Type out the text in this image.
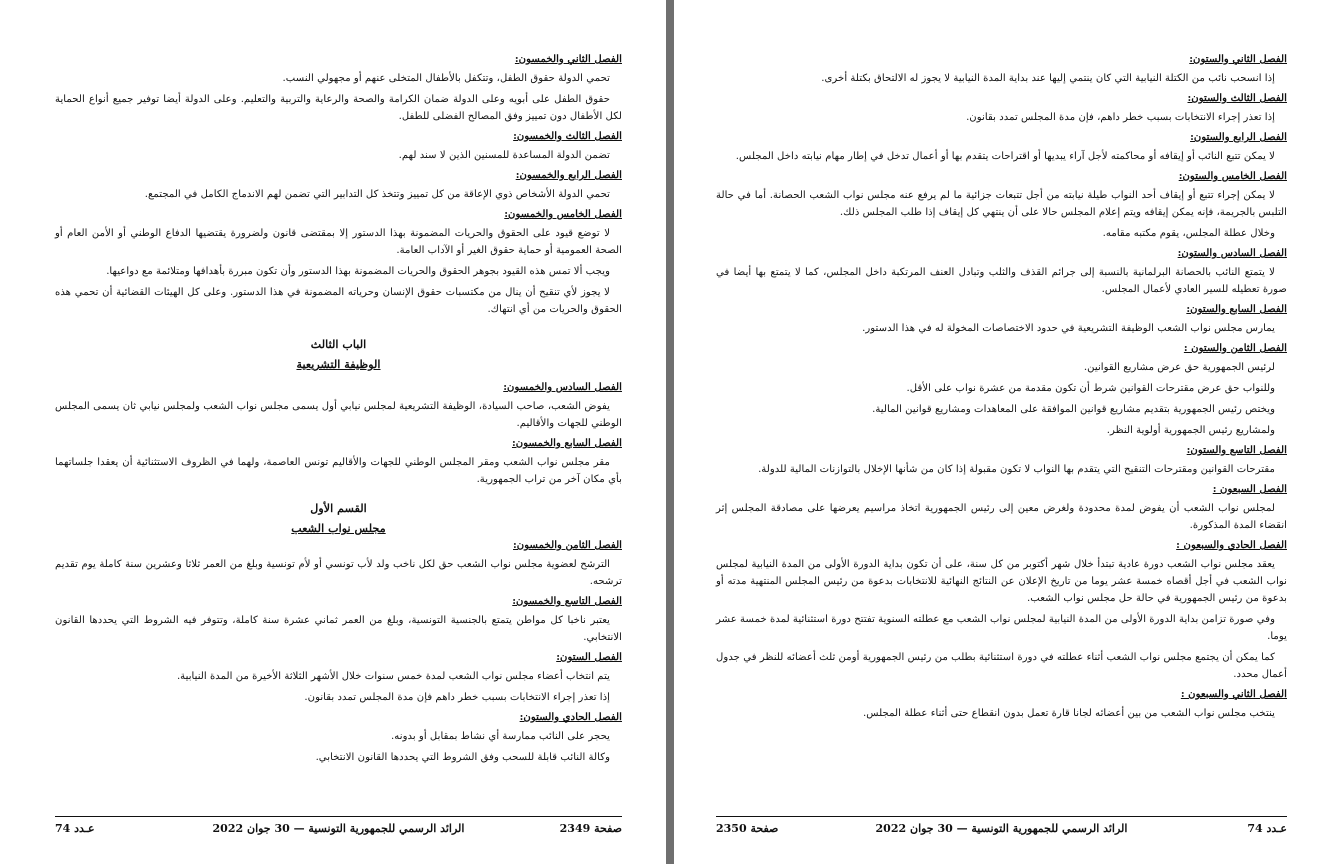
الفصل الثاني والخمسون:

تحمي الدولة حقوق الطفل، وتتكفل بالأطفال المتخلى عنهم أو مجهولي النسب.

حقوق الطفل على أبويه وعلى الدولة ضمان الكرامة والصحة والرعاية والتربية والتعليم. وعلى الدولة أيضا توفير جميع أنواع الحماية لكل الأطفال دون تمييز وفق المصالح الفضلى للطفل.

الفصل الثالث والخمسون:

تضمن الدولة المساعدة للمسنين الذين لا سند لهم.

الفصل الرابع والخمسون:

تحمي الدولة الأشخاص ذوي الإعاقة من كل تمييز وتتخذ كل التدابير التي تضمن لهم الاندماج الكامل في المجتمع.

الفصل الخامس والخمسون:

لا توضع قيود على الحقوق والحريات المضمونة بهذا الدستور إلا بمقتضى قانون ولضرورة يقتضيها الدفاع الوطني أو الأمن العام أو الصحة العمومية أو حماية حقوق الغير أو الآداب العامة.

ويجب ألا تمس هذه القيود بجوهر الحقوق والحريات المضمونة بهذا الدستور وأن تكون مبررة بأهدافها ومتلائمة مع دواعيها.

لا يجوز لأي تنقيح أن ينال من مكتسبات حقوق الإنسان وحرياته المضمونة في هذا الدستور. وعلى كل الهيئات القضائية أن تحمي هذه الحقوق والحريات من أي انتهاك.

الباب الثالث

الوظيفة التشريعية

الفصل السادس والخمسون:

يفوض الشعب، صاحب السيادة، الوظيفة التشريعية لمجلس نيابي أول يسمى مجلس نواب الشعب ولمجلس نيابي ثان يسمى المجلس الوطني للجهات والأقاليم.

الفصل السابع والخمسون:

مقر مجلس نواب الشعب ومقر المجلس الوطني للجهات والأقاليم تونس العاصمة، ولهما في الظروف الاستثنائية أن يعقدا جلساتهما بأي مكان آخر من تراب الجمهورية.

القسم الأول

مجلس نواب الشعب

الفصل الثامن والخمسون:

الترشح لعضوية مجلس نواب الشعب حق لكل ناخب ولد لأب تونسي أو لأم تونسية وبلغ من العمر ثلاثا وعشرين سنة كاملة يوم تقديم ترشحه.

الفصل التاسع والخمسون:

يعتبر ناخبا كل مواطن يتمتع بالجنسية التونسية، وبلغ من العمر ثماني عشرة سنة كاملة، وتتوفر فيه الشروط التي يحددها القانون الانتخابي.

الفصل الستون:

يتم انتخاب أعضاء مجلس نواب الشعب لمدة خمس سنوات خلال الأشهر الثلاثة الأخيرة من المدة النيابية.

إذا تعذر إجراء الانتخابات بسبب خطر داهم فإن مدة المجلس تمدد بقانون.

الفصل الحادي والستون:

يحجر على النائب ممارسة أي نشاط بمقابل أو بدونه.

وكالة النائب قابلة للسحب وفق الشروط التي يحددها القانون الانتخابي.

عـدد 74	الرائد الرسمي للجمهورية التونسية — 30 جوان 2022	صفحة 2349

الفصل الثاني والستون:

إذا انسحب نائب من الكتلة النيابية التي كان ينتمي إليها عند بداية المدة النيابية لا يجوز له الالتحاق بكتلة أخرى.

الفصل الثالث والستون:

إذا تعذر إجراء الانتخابات بسبب خطر داهم، فإن مدة المجلس تمدد بقانون.

الفصل الرابع والستون:

لا يمكن تتبع النائب أو إيقافه أو محاكمته لأجل آراء يبديها أو اقتراحات يتقدم بها أو أعمال تدخل في إطار مهام نيابته داخل المجلس.

الفصل الخامس والستون:

لا يمكن إجراء تتبع أو إيقاف أحد النواب طيلة نيابته من أجل تتبعات جزائية ما لم يرفع عنه مجلس نواب الشعب الحصانة. أما في حالة التلبس بالجريمة، فإنه يمكن إيقافه ويتم إعلام المجلس حالا على أن ينتهي كل إيقاف إذا طلب المجلس ذلك.

وخلال عطلة المجلس، يقوم مكتبه مقامه.

الفصل السادس والستون:

لا يتمتع النائب بالحصانة البرلمانية بالنسبة إلى جرائم القذف والثلب وتبادل العنف المرتكبة داخل المجلس، كما لا يتمتع بها أيضا في صورة تعطيله للسير العادي لأعمال المجلس.

الفصل السابع والستون:

يمارس مجلس نواب الشعب الوظيفة التشريعية في حدود الاختصاصات المخولة له في هذا الدستور.

الفصل الثامن والستون :

لرئيس الجمهورية حق عرض مشاريع القوانين.

وللنواب حق عرض مقترحات القوانين شرط أن تكون مقدمة من عشرة نواب على الأقل.

ويختص رئيس الجمهورية بتقديم مشاريع قوانين الموافقة على المعاهدات ومشاريع قوانين المالية.

ولمشاريع رئيس الجمهورية أولوية النظر.

الفصل التاسع والستون:

مقترحات القوانين ومقترحات التنقيح التي يتقدم بها النواب لا تكون مقبولة إذا كان من شأنها الإخلال بالتوازنات المالية للدولة.

الفصل السبعون :

لمجلس نواب الشعب أن يفوض لمدة محدودة ولغرض معين إلى رئيس الجمهورية اتخاذ مراسيم يعرضها على مصادقة المجلس إثر انقضاء المدة المذكورة.

الفصل الحادي والسبعون :

يعقد مجلس نواب الشعب دورة عادية تبتدأ خلال شهر أكتوبر من كل سنة، على أن تكون بداية الدورة الأولى من المدة النيابية لمجلس نواب الشعب في أجل أقصاه خمسة عشر يوما من تاريخ الإعلان عن النتائج النهائية للانتخابات بدعوة من رئيس المجلس المنتهية مدته أو بدعوة من رئيس الجمهورية في حالة حل مجلس نواب الشعب.

وفي صورة تزامن بداية الدورة الأولى من المدة النيابية لمجلس نواب الشعب مع عطلته السنوية تفتتح دورة استثنائية لمدة خمسة عشر يوما.

كما يمكن أن يجتمع مجلس نواب الشعب أثناء عطلته في دورة استثنائية بطلب من رئيس الجمهورية أومن ثلث أعضائه للنظر في جدول أعمال محدد.

الفصل الثاني والسبعون :

ينتخب مجلس نواب الشعب من بين أعضائه لجانا قارة تعمل بدون انقطاع حتى أثناء عطلة المجلس.

صفحة 2350	الرائد الرسمي للجمهورية التونسية — 30 جوان 2022	عـدد 74
